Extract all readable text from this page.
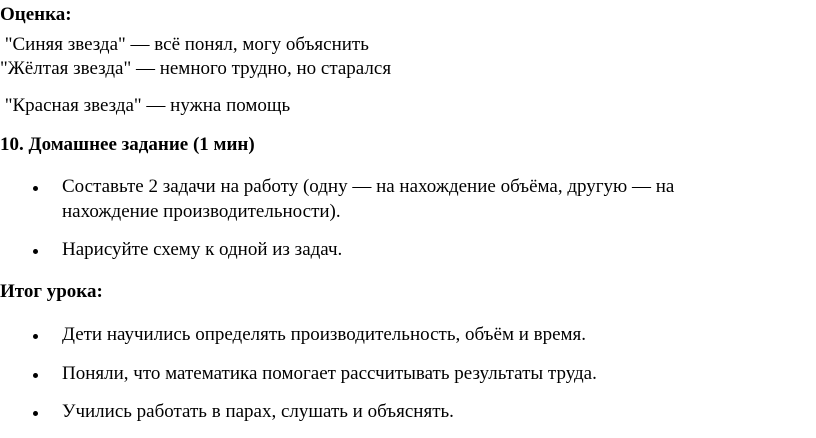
Оценка:
"Синяя звезда" — всё понял, могу объяснить
"Жёлтая звезда" — немного трудно, но старался
"Красная звезда" — нужна помощь
10. Домашнее задание (1 мин)
Составьте 2 задачи на работу (одну — на нахождение объёма, другую — на
нахождение производительности).
Нарисуйте схему к одной из задач.
Итог урока:
Дети научились определять производительность, объём и время.
Поняли, что математика помогает рассчитывать результаты труда.
Учились работать в парах, слушать и объяснять.
